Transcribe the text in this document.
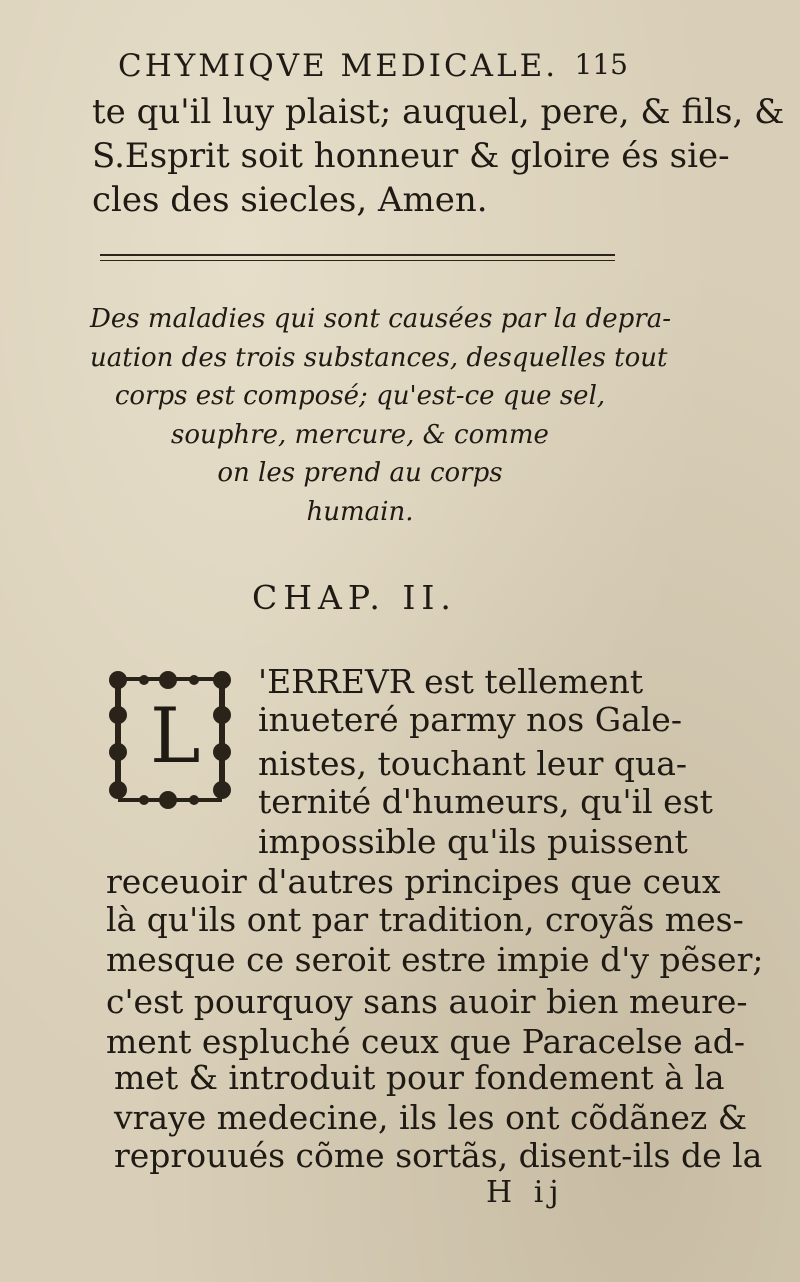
CHYMIQVE MEDICALE. 115
te qu'il luy plaist; auquel, pere, & fils, &
S.Esprit soit honneur & gloire és sie-
cles des siecles, Amen.
Des maladies qui sont causées par la depra-
uation des trois substances, desquelles tout
corps est composé; qu'est-ce que sel,
souphre, mercure, & comme
on les prend au corps
humain.
CHAP. II.
L
'ERREVR est tellement
inueteré parmy nos Gale-
nistes, touchant leur qua-
ternité d'humeurs, qu'il est
impossible qu'ils puissent
receuoir d'autres principes que ceux
là qu'ils ont par tradition, croyãs mes-
mesque ce seroit estre impie d'y pẽser;
c'est pourquoy sans auoir bien meure-
ment espluché ceux que Paracelse ad-
met & introduit pour fondement à la
vraye medecine, ils les ont cõdãnez &
reprouués cõme sortãs, disent-ils de la
H ij
